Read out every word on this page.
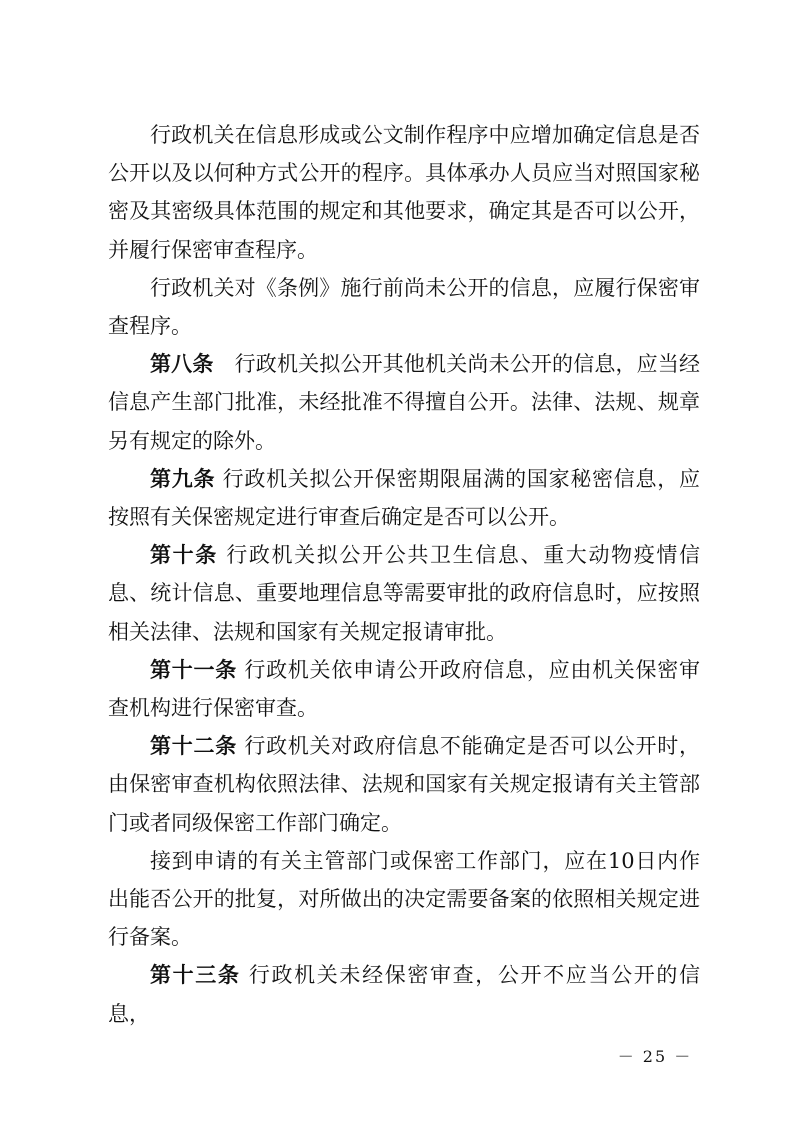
行政机关在信息形成或公文制作程序中应增加确定信息是否公开以及以何种方式公开的程序。具体承办人员应当对照国家秘密及其密级具体范围的规定和其他要求，确定其是否可以公开，并履行保密审查程序。

行政机关对《条例》施行前尚未公开的信息，应履行保密审查程序。

第八条　行政机关拟公开其他机关尚未公开的信息，应当经信息产生部门批准，未经批准不得擅自公开。法律、法规、规章另有规定的除外。

第九条 行政机关拟公开保密期限届满的国家秘密信息，应按照有关保密规定进行审查后确定是否可以公开。

第十条 行政机关拟公开公共卫生信息、重大动物疫情信息、统计信息、重要地理信息等需要审批的政府信息时，应按照相关法律、法规和国家有关规定报请审批。

第十一条 行政机关依申请公开政府信息，应由机关保密审查机构进行保密审查。

第十二条 行政机关对政府信息不能确定是否可以公开时，由保密审查机构依照法律、法规和国家有关规定报请有关主管部门或者同级保密工作部门确定。

接到申请的有关主管部门或保密工作部门，应在10日内作出能否公开的批复，对所做出的决定需要备案的依照相关规定进行备案。

第十三条 行政机关未经保密审查，公开不应当公开的信息，

－ 25 －
